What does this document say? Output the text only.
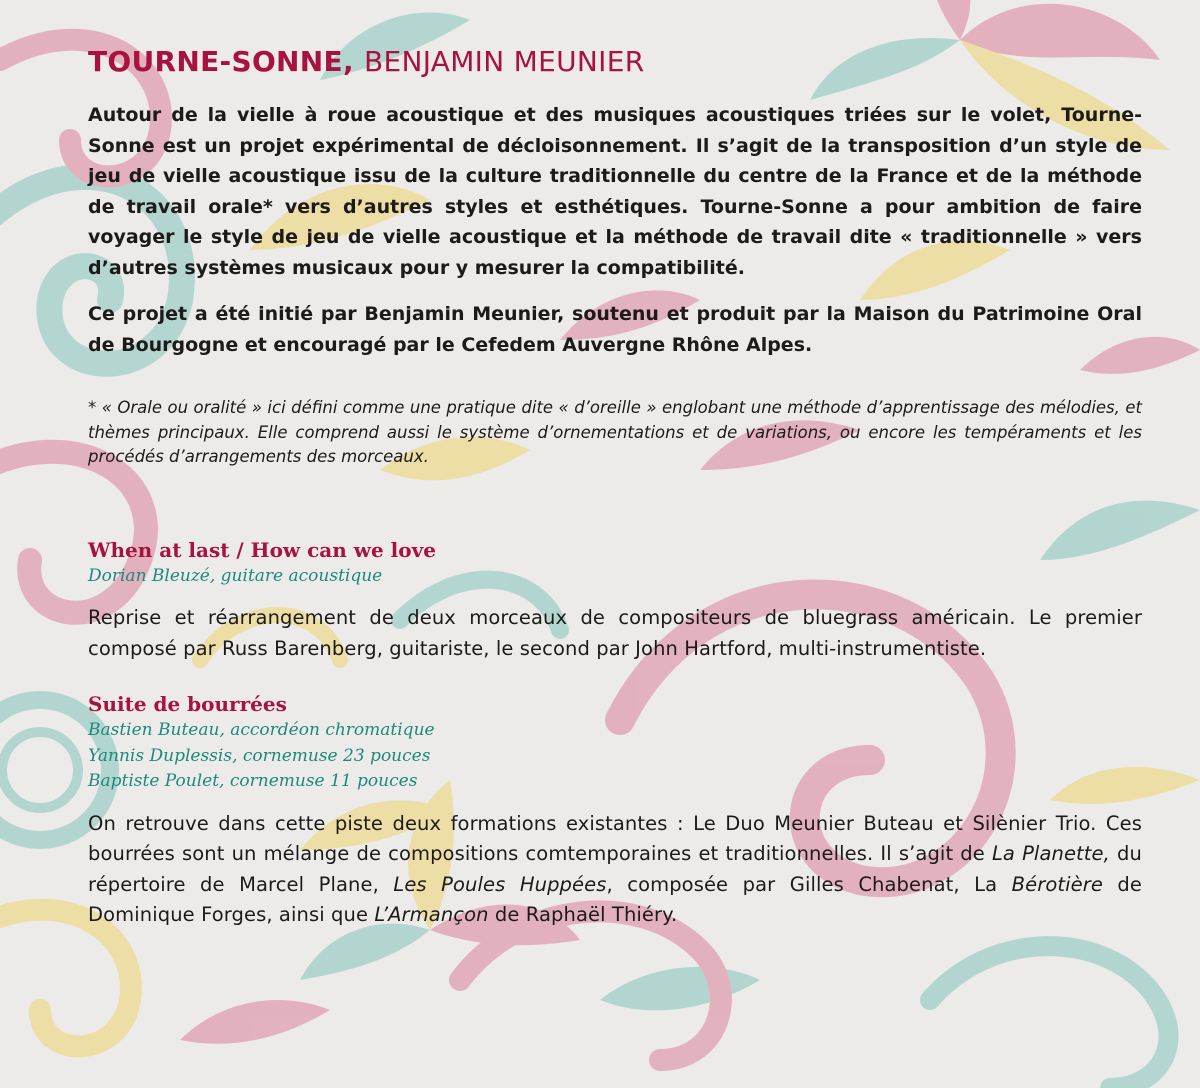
TOURNE-SONNE, BENJAMIN MEUNIER

Autour de la vielle à roue acoustique et des musiques acoustiques triées sur le volet, Tourne-Sonne est un projet expérimental de décloisonnement. Il s’agit de la transposition d’un style de jeu de vielle acoustique issu de la culture traditionnelle du centre de la France et de la méthode de travail orale* vers d’autres styles et esthétiques. Tourne-Sonne a pour ambition de faire voyager le style de jeu de vielle acoustique et la méthode de travail dite « traditionnelle » vers d’autres systèmes musicaux pour y mesurer la compatibilité.

Ce projet a été initié par Benjamin Meunier, soutenu et produit par la Maison du Patrimoine Oral de Bourgogne et encouragé par le Cefedem Auvergne Rhône Alpes.

* « Orale ou oralité » ici défini comme une pratique dite « d’oreille » englobant une méthode d’apprentissage des mélodies, et thèmes principaux. Elle comprend aussi le système d’ornementations et de variations, ou encore les tempéraments et les procédés d’arrangements des morceaux.

When at last / How can we love

Dorian Bleuzé, guitare acoustique

Reprise et réarrangement de deux morceaux de compositeurs de bluegrass américain. Le premier composé par Russ Barenberg, guitariste, le second par John Hartford, multi-instrumentiste.

Suite de bourrées

Bastien Buteau, accordéon chromatique

Yannis Duplessis, cornemuse 23 pouces

Baptiste Poulet, cornemuse 11 pouces

On retrouve dans cette piste deux formations existantes : Le Duo Meunier Buteau et Silènier Trio. Ces bourrées sont un mélange de compositions comtemporaines et traditionnelles. Il s’agit de La Planette, du répertoire de Marcel Plane, Les Poules Huppées, composée par Gilles Chabenat, La Bérotière de Dominique Forges, ainsi que L’Armançon de Raphaël Thiéry.
